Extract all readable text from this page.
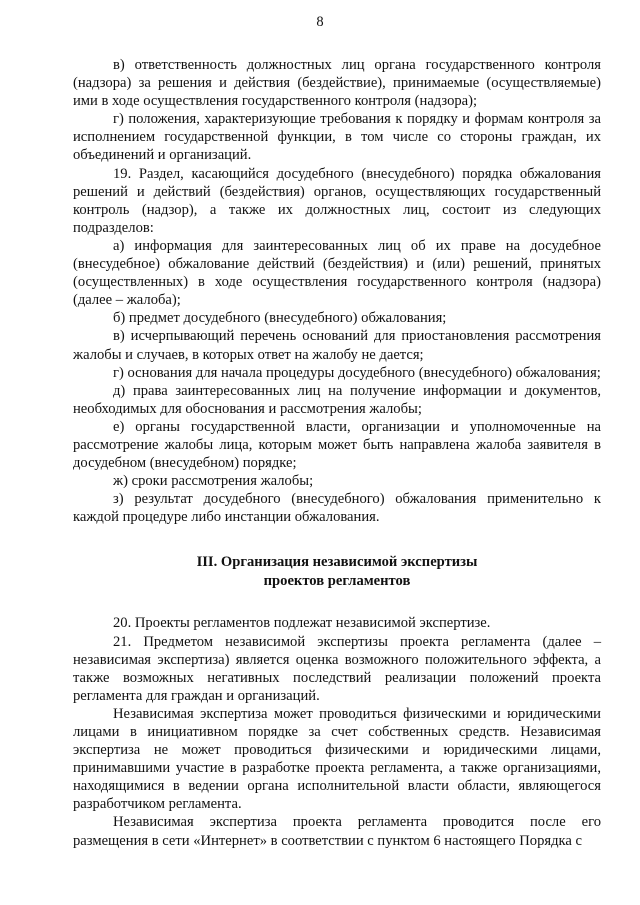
8

в) ответственность должностных лиц органа государственного контроля (надзора) за решения и действия (бездействие), принимаемые (осуществляемые) ими в ходе осуществления государственного контроля (надзора);

г) положения, характеризующие требования к порядку и формам контроля за исполнением государственной функции, в том числе со стороны граждан, их объединений и организаций.

19. Раздел, касающийся досудебного (внесудебного) порядка обжалования решений и действий (бездействия) органов, осуществляющих государственный контроль (надзор), а также их должностных лиц, состоит из следующих подразделов:

а) информация для заинтересованных лиц об их праве на досудебное (внесудебное) обжалование действий (бездействия) и (или) решений, принятых (осуществленных) в ходе осуществления государственного контроля (надзора) (далее – жалоба);

б) предмет досудебного (внесудебного) обжалования;

в) исчерпывающий перечень оснований для приостановления рассмотрения жалобы и случаев, в которых ответ на жалобу не дается;

г) основания для начала процедуры досудебного (внесудебного) обжалования;

д) права заинтересованных лиц на получение информации и документов, необходимых для обоснования и рассмотрения жалобы;

е) органы государственной власти, организации и уполномоченные на рассмотрение жалобы лица, которым может быть направлена жалоба заявителя в досудебном (внесудебном) порядке;

ж) сроки рассмотрения жалобы;

з) результат досудебного (внесудебного) обжалования применительно к каждой процедуре либо инстанции обжалования.

III. Организация независимой экспертизы
проектов регламентов

20. Проекты регламентов подлежат независимой экспертизе.

21. Предметом независимой экспертизы проекта регламента (далее – независимая экспертиза) является оценка возможного положительного эффекта, а также возможных негативных последствий реализации положений проекта регламента для граждан и организаций.

Независимая экспертиза может проводиться физическими и юридическими лицами в инициативном порядке за счет собственных средств. Независимая экспертиза не может проводиться физическими и юридическими лицами, принимавшими участие в разработке проекта регламента, а также организациями, находящимися в ведении органа исполнительной власти области, являющегося разработчиком регламента.

Независимая экспертиза проекта регламента проводится после его размещения в сети «Интернет» в соответствии с пунктом 6 настоящего Порядка с
